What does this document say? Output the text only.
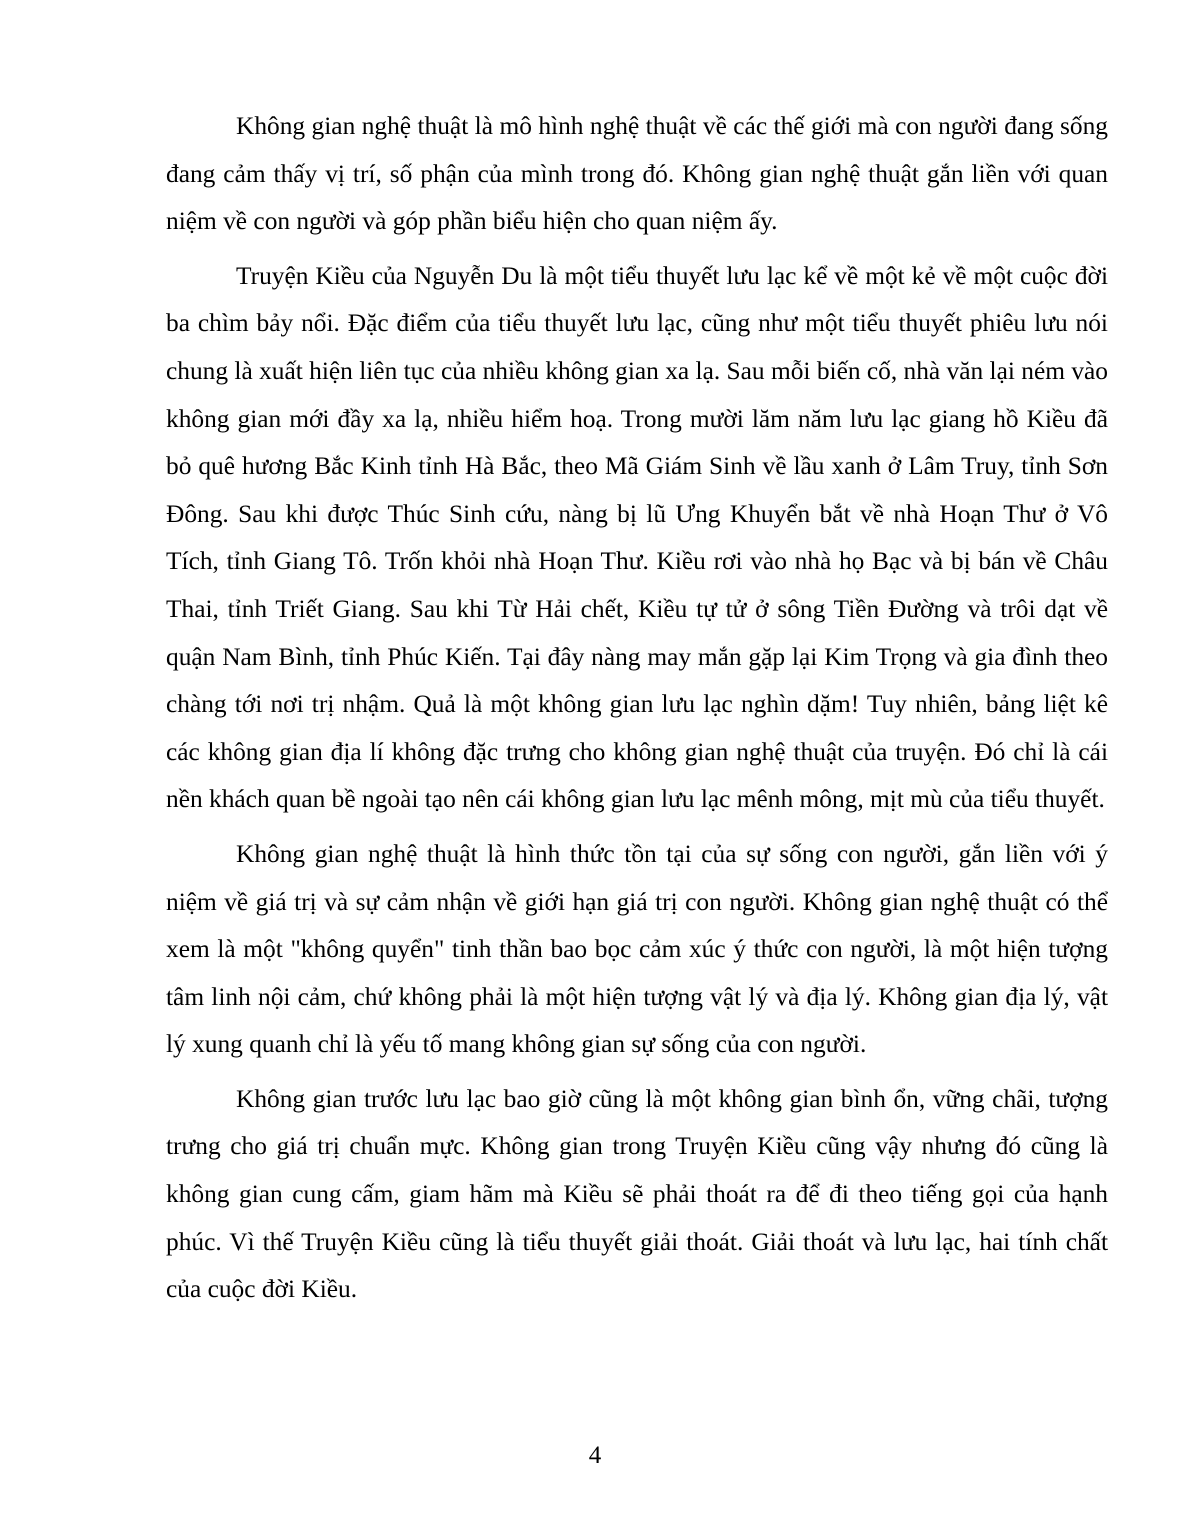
Không gian nghệ thuật là mô hình nghệ thuật về các thế giới mà con người đang sống đang cảm thấy vị trí, số phận của mình trong đó. Không gian nghệ thuật gắn liền với quan niệm về con người và góp phần biểu hiện cho quan niệm ấy.

Truyện Kiều của Nguyễn Du là một tiểu thuyết lưu lạc kể về một kẻ về một cuộc đời ba chìm bảy nổi. Đặc điểm của tiểu thuyết lưu lạc, cũng như một tiểu thuyết phiêu lưu nói chung là xuất hiện liên tục của nhiều không gian xa lạ. Sau mỗi biến cố, nhà văn lại ném vào không gian mới đầy xa lạ, nhiều hiểm hoạ. Trong mười lăm năm lưu lạc giang hồ Kiều đã bỏ quê hương Bắc Kinh tỉnh Hà Bắc, theo Mã Giám Sinh về lầu xanh ở Lâm Truy, tỉnh Sơn Đông. Sau khi được Thúc Sinh cứu, nàng bị lũ Ưng Khuyển bắt về nhà Hoạn Thư ở Vô Tích, tỉnh Giang Tô. Trốn khỏi nhà Hoạn Thư. Kiều rơi vào nhà họ Bạc và bị bán về Châu Thai, tỉnh Triết Giang. Sau khi Từ Hải chết, Kiều tự tử ở sông Tiền Đường và trôi dạt về quận Nam Bình, tỉnh Phúc Kiến. Tại đây nàng may mắn gặp lại Kim Trọng và gia đình theo chàng tới nơi trị nhậm. Quả là một không gian lưu lạc nghìn dặm! Tuy nhiên, bảng liệt kê các không gian địa lí không đặc trưng cho không gian nghệ thuật của truyện. Đó chỉ là cái nền khách quan bề ngoài tạo nên cái không gian lưu lạc mênh mông, mịt mù của tiểu thuyết.

Không gian nghệ thuật là hình thức tồn tại của sự sống con người, gắn liền với ý niệm về giá trị và sự cảm nhận về giới hạn giá trị con người. Không gian nghệ thuật có thể xem là một "không quyển" tinh thần bao bọc cảm xúc ý thức con người, là một hiện tượng tâm linh nội cảm, chứ không phải là một hiện tượng vật lý và địa lý. Không gian địa lý, vật lý xung quanh chỉ là yếu tố mang không gian sự sống của con người.

Không gian trước lưu lạc bao giờ cũng là một không gian bình ổn, vững chãi, tượng trưng cho giá trị chuẩn mực. Không gian trong Truyện Kiều cũng vậy nhưng đó cũng là không gian cung cấm, giam hãm mà Kiều sẽ phải thoát ra để đi theo tiếng gọi của hạnh phúc. Vì thế Truyện Kiều cũng là tiểu thuyết giải thoát. Giải thoát và lưu lạc, hai tính chất của cuộc đời Kiều.

4
